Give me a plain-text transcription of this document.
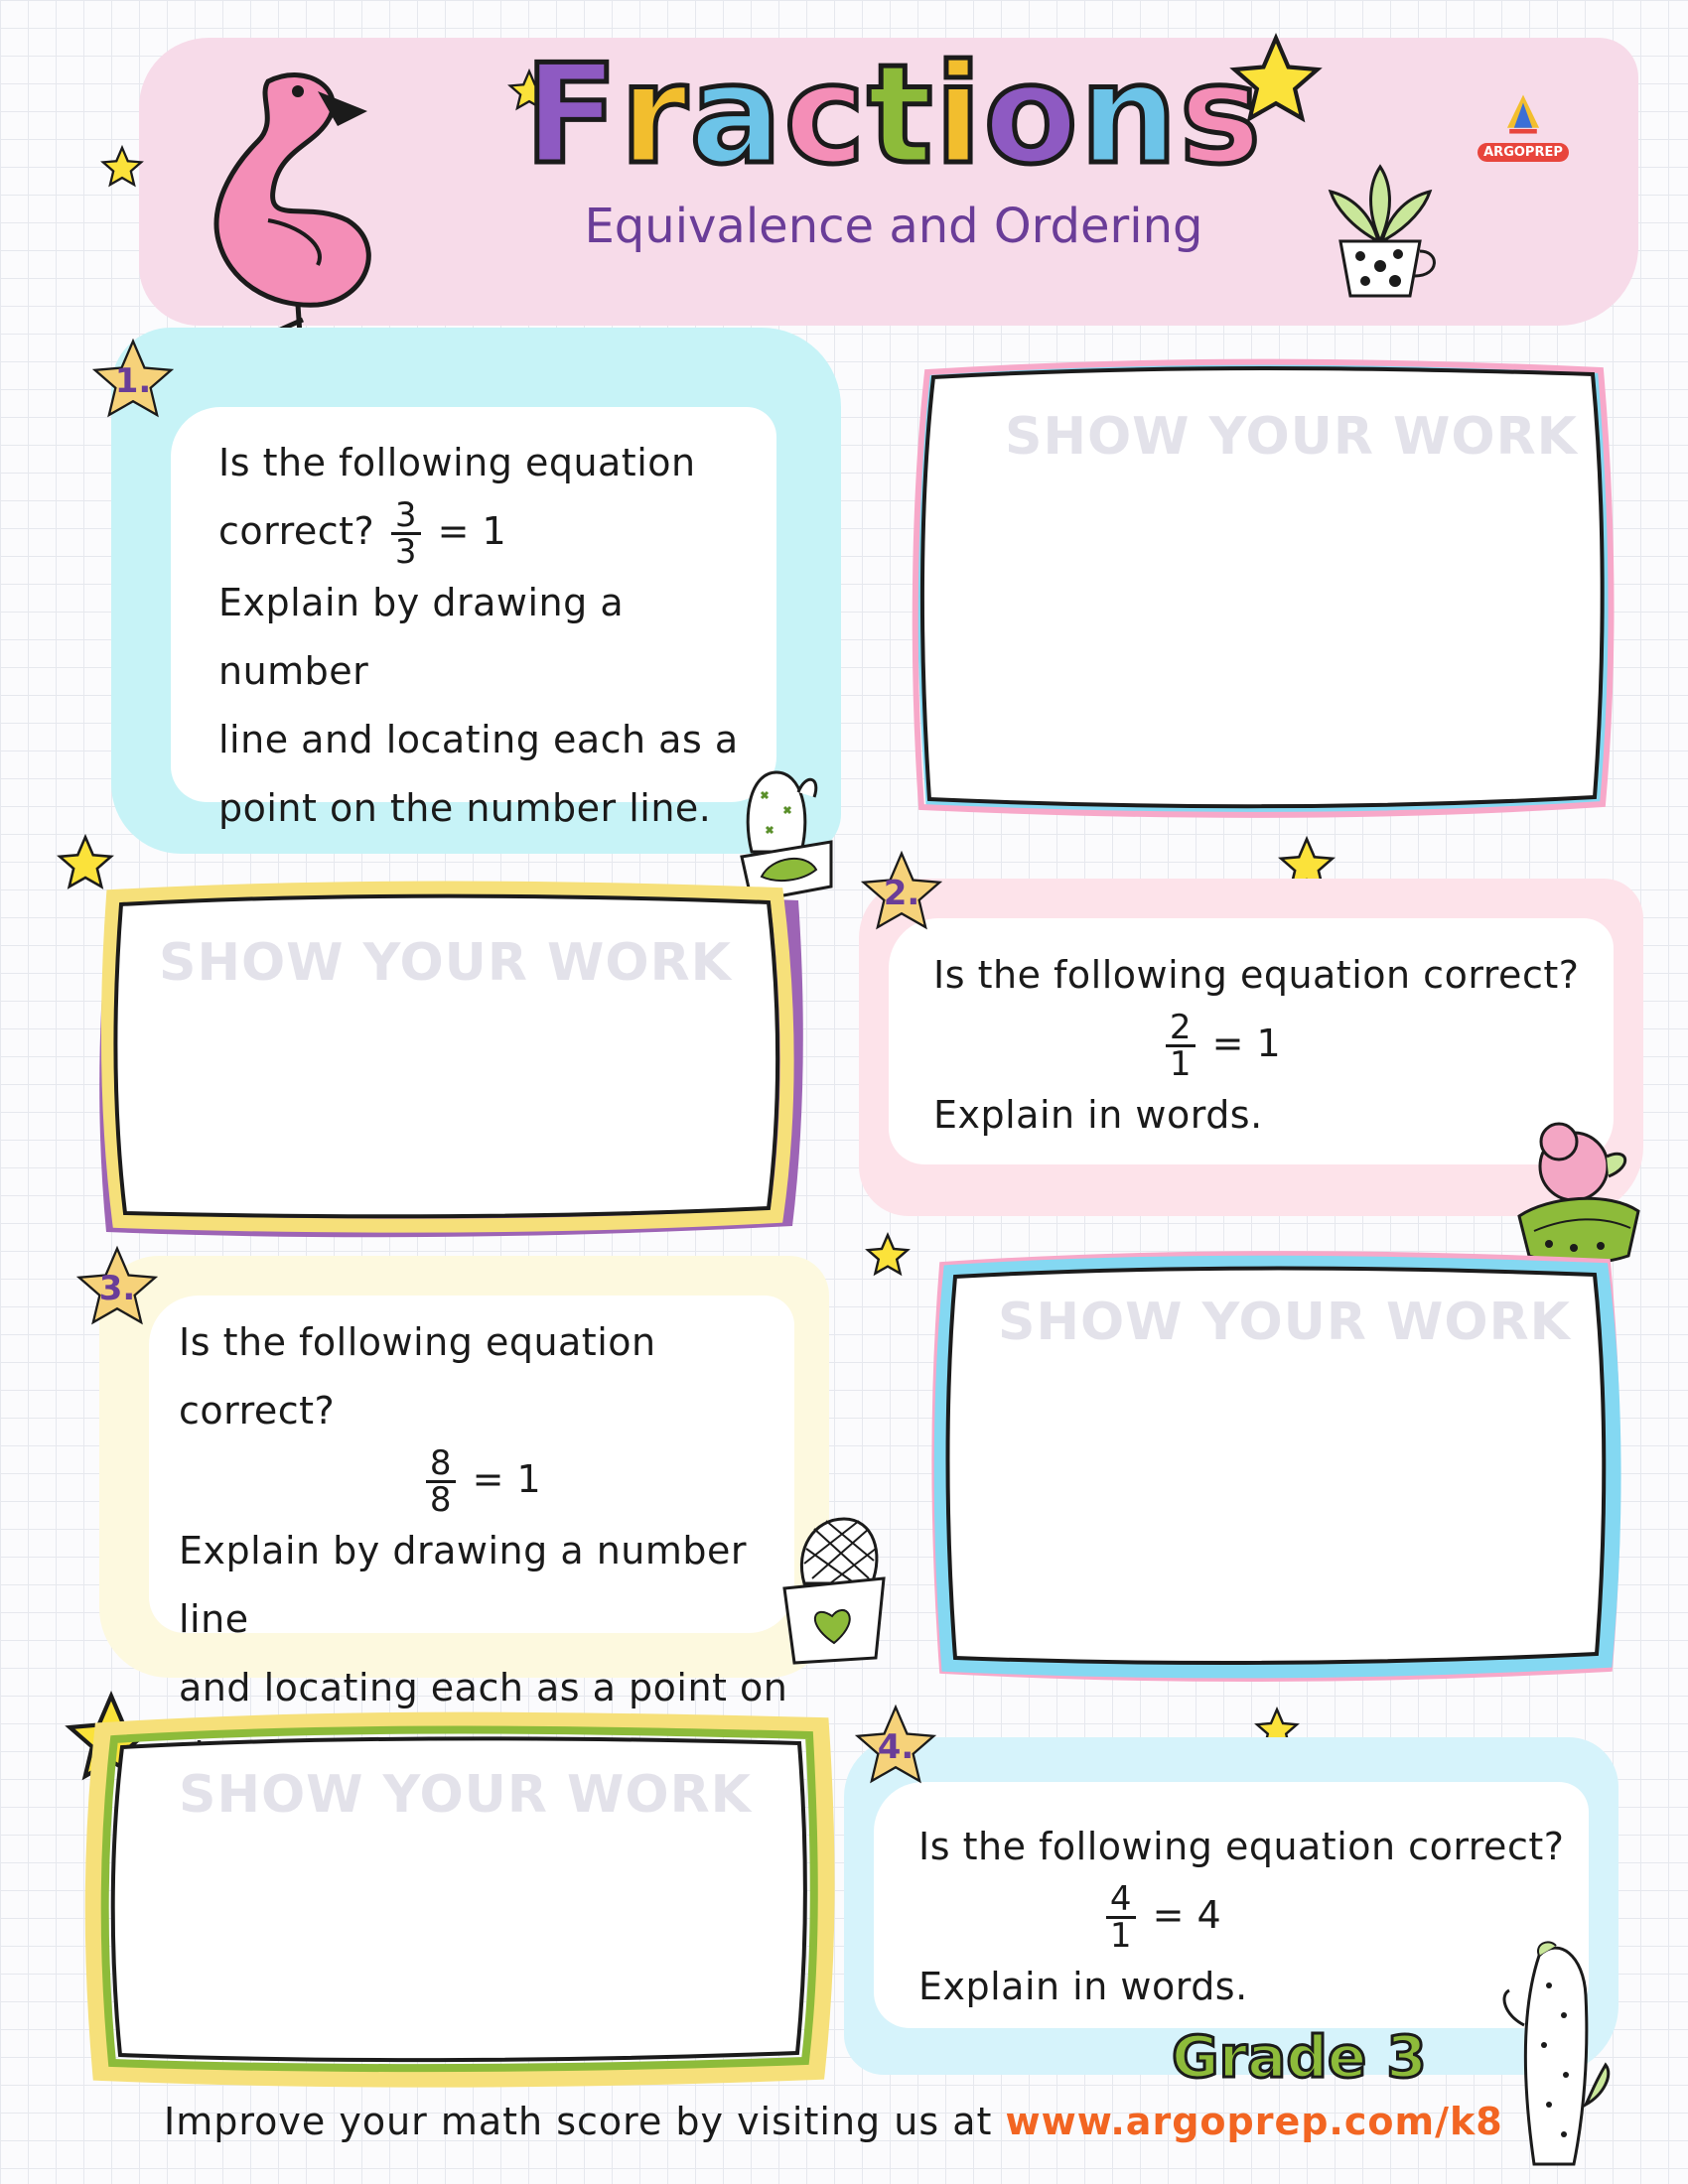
Fractions
Equivalence and Ordering
ARGOPREP
1.
Is the following equation
correct? $\frac{3}{3} = 1$
Explain by drawing a number
line and locating each as a
point on the number line.
SHOW YOUR WORK
SHOW YOUR WORK
2.
Is the following equation correct?
$\frac{2}{1} = 1$
Explain in words.
3.
Is the following equation correct?
$\frac{8}{8} = 1$
Explain by drawing a number line
and locating each as a point on
SHOW YOUR WORK
SHOW YOUR WORK
4.
Is the following equation correct?
$\frac{4}{1} = 4$
Explain in words.
Grade 3
Improve your math score by visiting us at www.argoprep.com/k8
